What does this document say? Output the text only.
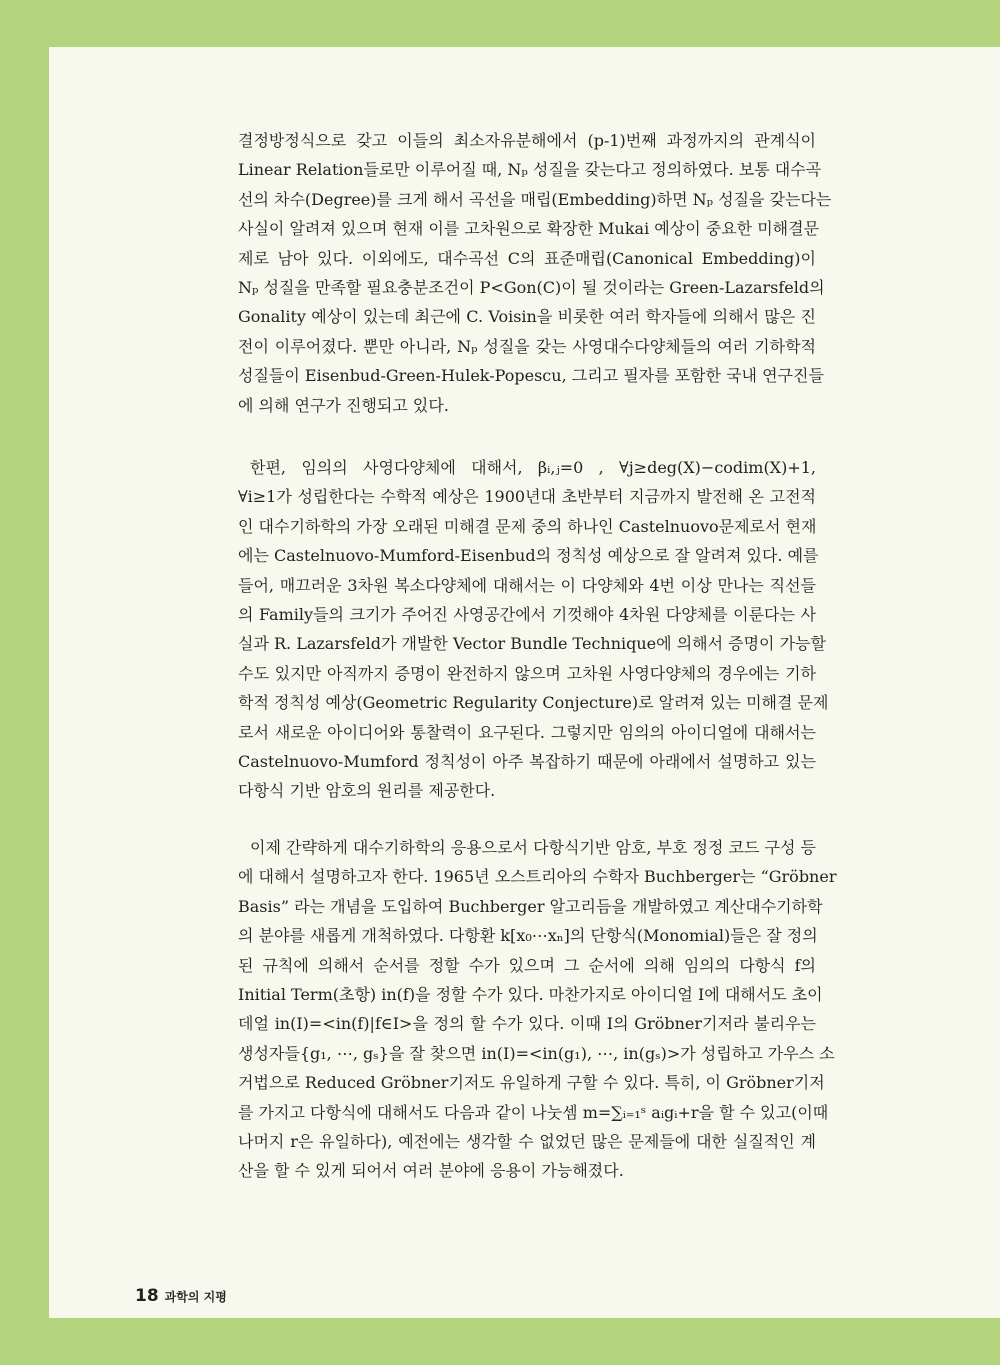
결정방정식으로 갖고 이들의 최소자유분해에서 (p-1)번째 과정까지의 관계식이
Linear Relation들로만 이루어질 때, Nₚ 성질을 갖는다고 정의하였다. 보통 대수곡
선의 차수(Degree)를 크게 해서 곡선을 매립(Embedding)하면 Nₚ 성질을 갖는다는
사실이 알려져 있으며 현재 이를 고차원으로 확장한 Mukai 예상이 중요한 미해결문
제로 남아 있다. 이외에도, 대수곡선 C의 표준매립(Canonical Embedding)이
Nₚ 성질을 만족할 필요충분조건이 P<Gon(C)이 될 것이라는 Green-Lazarsfeld의
Gonality 예상이 있는데 최근에 C. Voisin을 비롯한 여러 학자들에 의해서 많은 진
전이 이루어졌다. 뿐만 아니라, Nₚ 성질을 갖는 사영대수다양체들의 여러 기하학적
성질들이 Eisenbud-Green-Hulek-Popescu, 그리고 필자를 포함한 국내 연구진들
에 의해 연구가 진행되고 있다.
한편, 임의의 사영다양체에 대해서, βᵢ,ⱼ=0 , ∀j≥deg(X)−codim(X)+1,
∀i≥1가 성립한다는 수학적 예상은 1900년대 초반부터 지금까지 발전해 온 고전적
인 대수기하학의 가장 오래된 미해결 문제 중의 하나인 Castelnuovo문제로서 현재
에는 Castelnuovo-Mumford-Eisenbud의 정칙성 예상으로 잘 알려져 있다. 예를
들어, 매끄러운 3차원 복소다양체에 대해서는 이 다양체와 4번 이상 만나는 직선들
의 Family들의 크기가 주어진 사영공간에서 기껏해야 4차원 다양체를 이룬다는 사
실과 R. Lazarsfeld가 개발한 Vector Bundle Technique에 의해서 증명이 가능할
수도 있지만 아직까지 증명이 완전하지 않으며 고차원 사영다양체의 경우에는 기하
학적 정칙성 예상(Geometric Regularity Conjecture)로 알려져 있는 미해결 문제
로서 새로운 아이디어와 통찰력이 요구된다. 그렇지만 임의의 아이디얼에 대해서는
Castelnuovo-Mumford 정칙성이 아주 복잡하기 때문에 아래에서 설명하고 있는
다항식 기반 암호의 원리를 제공한다.
이제 간략하게 대수기하학의 응용으로서 다항식기반 암호, 부호 정정 코드 구성 등
에 대해서 설명하고자 한다. 1965년 오스트리아의 수학자 Buchberger는 “Gröbner
Basis” 라는 개념을 도입하여 Buchberger 알고리듬을 개발하였고 계산대수기하학
의 분야를 새롭게 개척하였다. 다항환 k[x₀⋯xₙ]의 단항식(Monomial)들은 잘 정의
된 규칙에 의해서 순서를 정할 수가 있으며 그 순서에 의해 임의의 다항식 f의
Initial Term(초항) in(f)을 정할 수가 있다. 마찬가지로 아이디얼 I에 대해서도 초이
데얼 in(I)=<in(f)|f∈I>을 정의 할 수가 있다. 이때 I의 Gröbner기저라 불리우는
생성자들{g₁, ⋯, gₛ}을 잘 찾으면 in(I)=<in(g₁), ⋯, in(gₛ)>가 성립하고 가우스 소
거법으로 Reduced Gröbner기저도 유일하게 구할 수 있다. 특히, 이 Gröbner기저
를 가지고 다항식에 대해서도 다음과 같이 나눗셈 m=∑ᵢ₌₁ˢ aᵢgᵢ+r을 할 수 있고(이때
나머지 r은 유일하다), 예전에는 생각할 수 없었던 많은 문제들에 대한 실질적인 계
산을 할 수 있게 되어서 여러 분야에 응용이 가능해졌다.
18 과학의 지평
